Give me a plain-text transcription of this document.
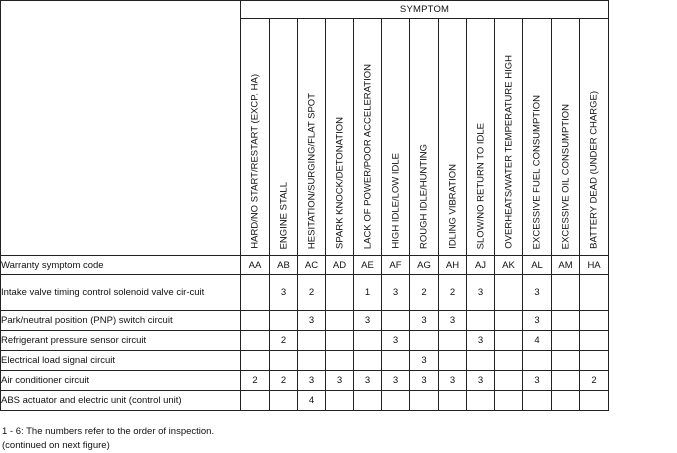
	SYMPTOM												

	HARD/NO START/RESTART (EXCP. HA)	ENGINE STALL	HESITATION/SURGING/FLAT SPOT	SPARK KNOCK/DETONATION	LACK OF POWER/POOR ACCELERATION	HIGH IDLE/LOW IDLE	ROUGH IDLE/HUNTING	IDLING VIBRATION	SLOW/NO RETURN TO IDLE	OVERHEATS/WATER TEMPERATURE HIGH	EXCESSIVE FUEL CONSUMPTION	EXCESSIVE OIL CONSUMPTION	BATTERY DEAD (UNDER CHARGE)

Warranty symptom code	AA	AB	AC	AD	AE	AF	AG	AH	AJ	AK	AL	AM	HA
Intake valve timing control solenoid valve cir-cuit		3	2		1	3	2	2	3		3		
Park/neutral position (PNP) switch circuit			3		3		3	3			3		
Refrigerant pressure sensor circuit		2				3			3		4		
Electrical load signal circuit							3						
Air conditioner circuit	2	2	3	3	3	3	3	3	3		3		2
ABS actuator and electric unit (control unit)			4										
1 - 6: The numbers refer to the order of inspection.
(continued on next figure)
